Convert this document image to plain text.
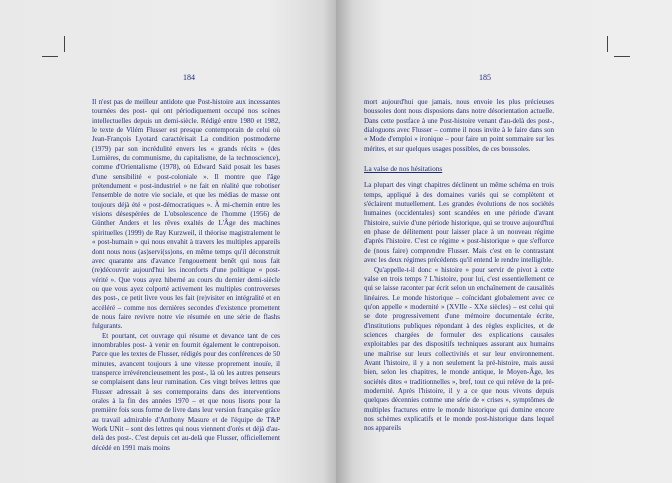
184

Il n'est pas de meilleur antidote que Post-histoire aux incessantes tournées des post- qui ont périodiquement occupé nos scènes intellectuelles depuis un demi-siècle. Rédigé entre 1980 et 1982, le texte de Vilém Flusser est presque contemporain de celui où Jean-François Lyotard caractérisait La condition postmoderne (1979) par son incrédulité envers les « grands récits » (des Lumières, du communisme, du capitalisme, de la technoscience), comme d'Orientalisme (1978), où Edward Saïd posait les bases d'une sensibilité « post-coloniale ». Il montre que l'âge prétendument « post-industriel » ne fait en réalité que robotiser l'ensemble de notre vie sociale, et que les médias de masse ont toujours déjà été « post-démocratiques ». À mi-chemin entre les visions désespérées de L'obsolescence de l'homme (1956) de Günther Anders et les rêves exaltés de L'Âge des machines spirituelles (1999) de Ray Kurzweil, il théorise magistralement le « post-humain » qui nous envahit à travers les multiples appareils dont nous nous (as)servi(ss)ons, en même temps qu'il déconstruit avec quarante ans d'avance l'engouement benêt qui nous fait (re)découvrir aujourd'hui les inconforts d'une politique « post-vérité ». Que vous ayez hiberné au cours du dernier demi-siècle ou que vous ayez colporté activement les multiples controverses des post-, ce petit livre vous les fait (re)visiter en intégralité et en accéléré – comme nos dernières secondes d'existence promettent de nous faire revivre notre vie résumée en une série de flashs fulgurants.

Et pourtant, cet ouvrage qui résume et devance tant de ces innombrables post- à venir en fournit également le contrepoison. Parce que les textes de Flusser, rédigés pour des conférences de 50 minutes, avancent toujours à une vitesse proprement inouïe, il transperce irrévérencieusement les post-, là où les autres penseurs se complaisent dans leur rumination. Ces vingt brèves lettres que Flusser adressait à ses contemporains dans des interventions orales à la fin des années 1970 – et que nous lisons pour la première fois sous forme de livre dans leur version française grâce au travail admirable d'Anthony Masure et de l'équipe de T&P Work UNit – sont des lettres qui nous viennent d'orès et déjà d'au-delà des post-. C'est depuis cet au-delà que Flusser, officiellement décédé en 1991 mais moins

185

mort aujourd'hui que jamais, nous envoie les plus précieuses boussoles dont nous disposions dans notre désorientation actuelle. Dans cette postface à une Post-histoire venant d'au-delà des post-, dialoguons avec Flusser – comme il nous invite à le faire dans son « Mode d'emploi » ironique – pour faire un point sommaire sur les mérites, et sur quelques usages possibles, de ces boussoles.

La valse de nos hésitations

La plupart des vingt chapitres déclinent un même schéma en trois temps, appliqué à des domaines variés qui se complètent et s'éclairent mutuellement. Les grandes évolutions de nos sociétés humaines (occidentales) sont scandées en une période d'avant l'histoire, suivie d'une période historique, qui se trouve aujourd'hui en phase de délitement pour laisser place à un nouveau régime d'après l'histoire. C'est ce régime « post-historique » que s'efforce de (nous faire) comprendre Flusser. Mais c'est en le contrastant avec les deux régimes précédents qu'il entend le rendre intelligible.

Qu'appelle-t-il donc « histoire » pour servir de pivot à cette valse en trois temps ? L'histoire, pour lui, c'est essentiellement ce qui se laisse raconter par écrit selon un enchaînement de causalités linéaires. Le monde historique – coïncidant globalement avec ce qu'on appelle « modernité » (XVIIe - XXe siècles) – est celui qui se dote progressivement d'une mémoire documentale écrite, d'institutions publiques répondant à des règles explicites, et de sciences chargées de formuler des explications causales exploitables par des dispositifs techniques assurant aux humains une maîtrise sur leurs collectivités et sur leur environnement. Avant l'histoire, il y a non seulement la pré-histoire, mais aussi bien, selon les chapitres, le monde antique, le Moyen-Âge, les sociétés dites « traditionnelles », bref, tout ce qui relève de la pré-modernité. Après l'histoire, il y a ce que nous vivons depuis quelques décennies comme une série de « crises », symptômes de multiples fractures entre le monde historique qui domine encore nos schèmes explicatifs et le monde post-historique dans lequel nos appareils
